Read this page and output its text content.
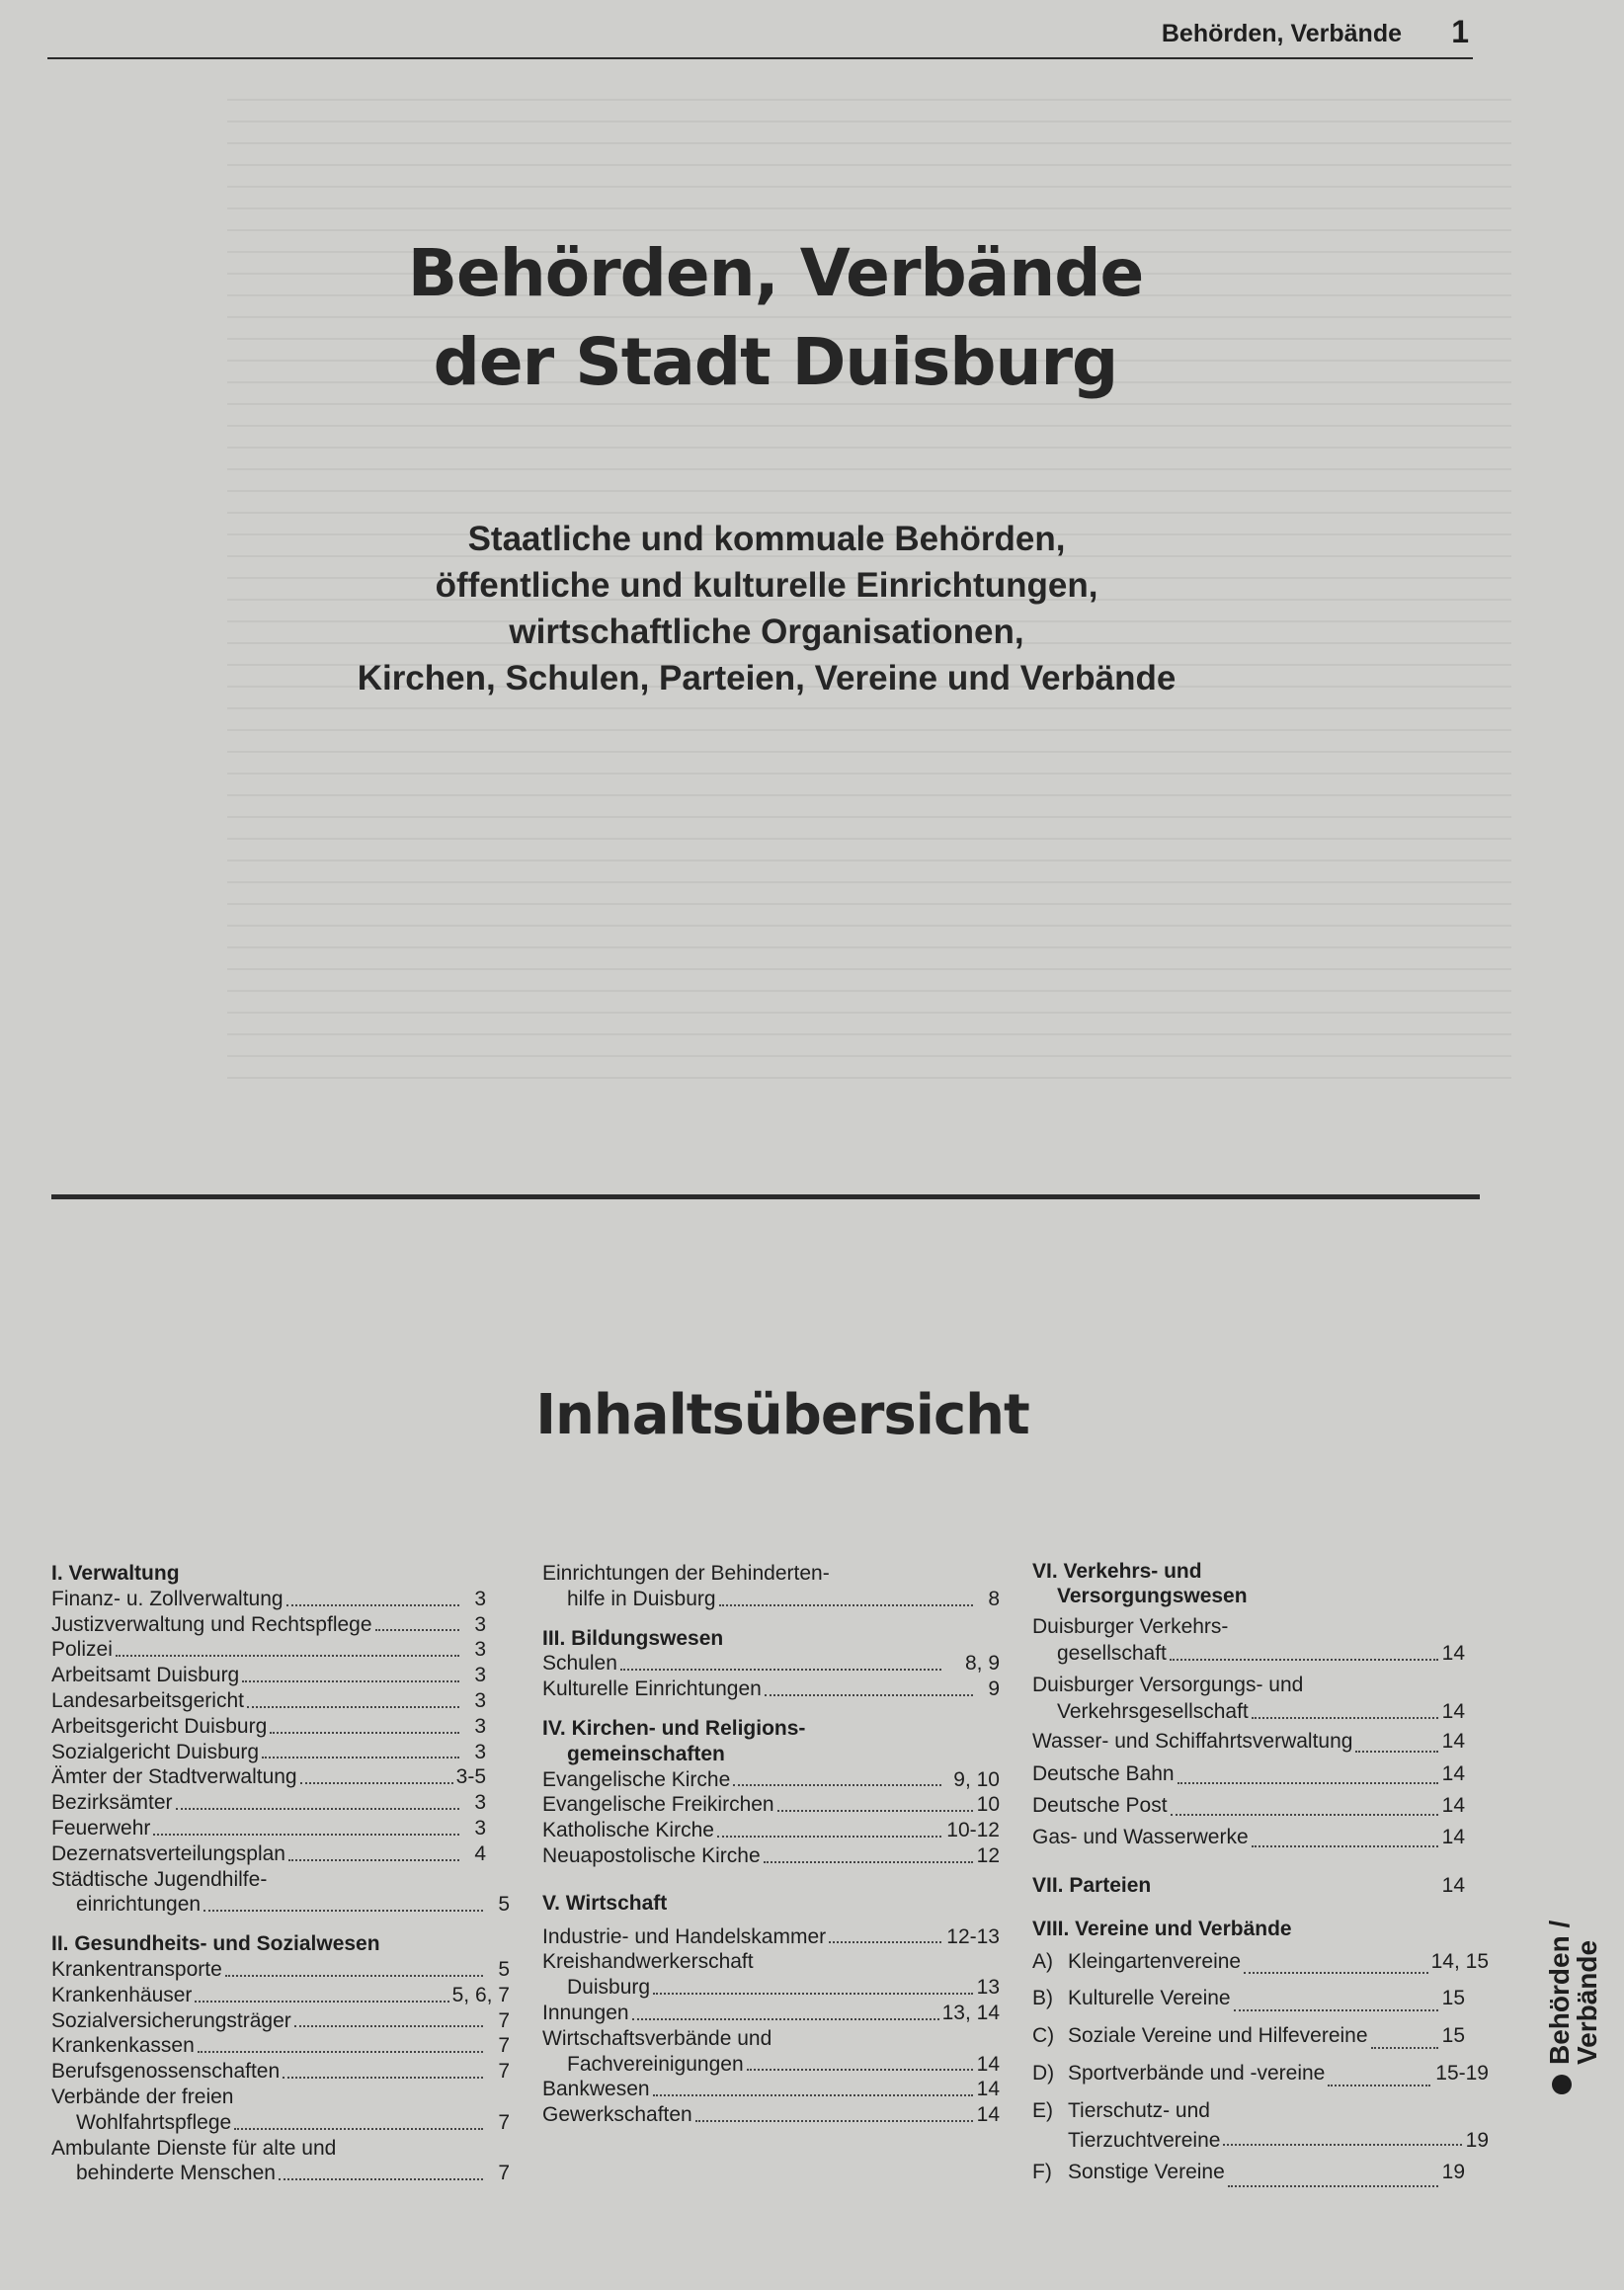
Behörden, Verbände 1
Behörden, Verbände
der Stadt Duisburg
Staatliche und kommuale Behörden,
öffentliche und kulturelle Einrichtungen,
wirtschaftliche Organisationen,
Kirchen, Schulen, Parteien, Vereine und Verbände
Inhaltsübersicht
I. Verwaltung
Finanz- u. Zollverwaltung	3
Justizverwaltung und Rechtspflege	3
Polizei	3
Arbeitsamt Duisburg	3
Landesarbeitsgericht	3
Arbeitsgericht Duisburg	3
Sozialgericht Duisburg	3
Ämter der Stadtverwaltung	3-5
Bezirksämter	3
Feuerwehr	3
Dezernatsverteilungsplan	4
Städtische Jugendhilfe-
einrichtungen	5
II. Gesundheits- und Sozialwesen
Krankentransporte	5
Krankenhäuser	5, 6, 7
Sozialversicherungsträger	7
Krankenkassen	7
Berufsgenossenschaften	7
Verbände der freien
Wohlfahrtspflege	7
Ambulante Dienste für alte und
behinderte Menschen	7
Einrichtungen der Behinderten-
hilfe in Duisburg	8
III. Bildungswesen
Schulen	8, 9
Kulturelle Einrichtungen	9
IV. Kirchen- und Religions-
gemeinschaften
Evangelische Kirche	9, 10
Evangelische Freikirchen	10
Katholische Kirche	10-12
Neuapostolische Kirche	12
V. Wirtschaft
Industrie- und Handelskammer	12-13
Kreishandwerkerschaft
Duisburg	13
Innungen	13, 14
Wirtschaftsverbände und
Fachvereinigungen	14
Bankwesen	14
Gewerkschaften	14
VI. Verkehrs- und
Versorgungswesen
Duisburger Verkehrs-
gesellschaft	14
Duisburger Versorgungs- und
Verkehrsgesellschaft	14
Wasser- und Schiffahrtsverwaltung	14
Deutsche Bahn	14
Deutsche Post	14
Gas- und Wasserwerke	14
VII. Parteien	14
VIII. Vereine und Verbände
A) Kleingartenvereine	14, 15
B) Kulturelle Vereine	15
C) Soziale Vereine und Hilfevereine	15
D) Sportverbände und -vereine	15-19
E) Tierschutz- und
Tierzuchtvereine	19
F) Sonstige Vereine	19
Behörden /
Verbände
